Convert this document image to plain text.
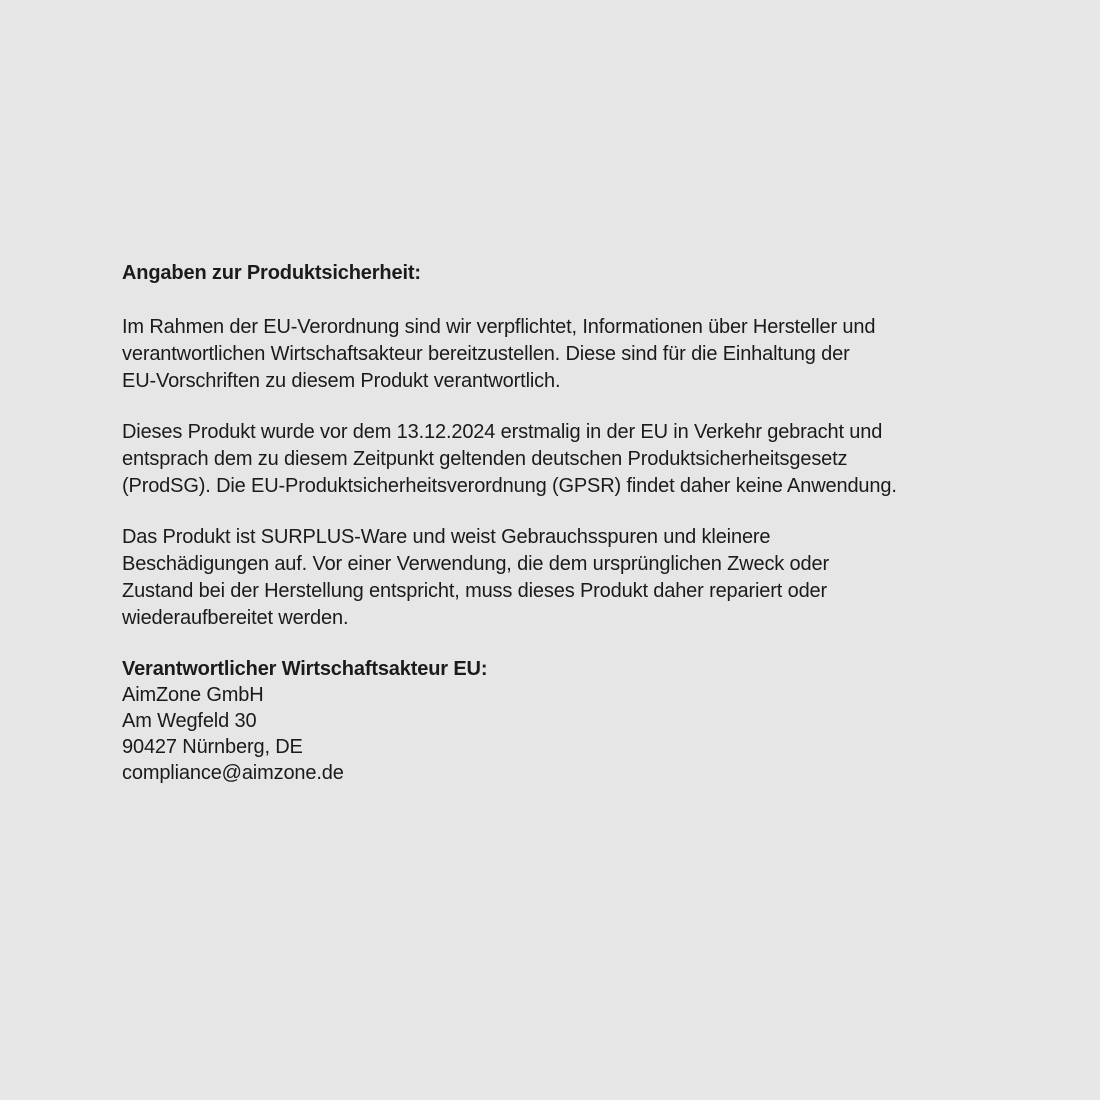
Angaben zur Produktsicherheit:
Im Rahmen der EU-Verordnung sind wir verpflichtet, Informationen über Hersteller und
verantwortlichen Wirtschaftsakteur bereitzustellen. Diese sind für die Einhaltung der
EU-Vorschriften zu diesem Produkt verantwortlich.
Dieses Produkt wurde vor dem 13.12.2024 erstmalig in der EU in Verkehr gebracht und
entsprach dem zu diesem Zeitpunkt geltenden deutschen Produktsicherheitsgesetz
(ProdSG). Die EU-Produktsicherheitsverordnung (GPSR) findet daher keine Anwendung.
Das Produkt ist SURPLUS-Ware und weist Gebrauchsspuren und kleinere
Beschädigungen auf. Vor einer Verwendung, die dem ursprünglichen Zweck oder
Zustand bei der Herstellung entspricht, muss dieses Produkt daher repariert oder
wiederaufbereitet werden.
Verantwortlicher Wirtschaftsakteur EU:
AimZone GmbH
Am Wegfeld 30
90427 Nürnberg, DE
compliance@aimzone.de
